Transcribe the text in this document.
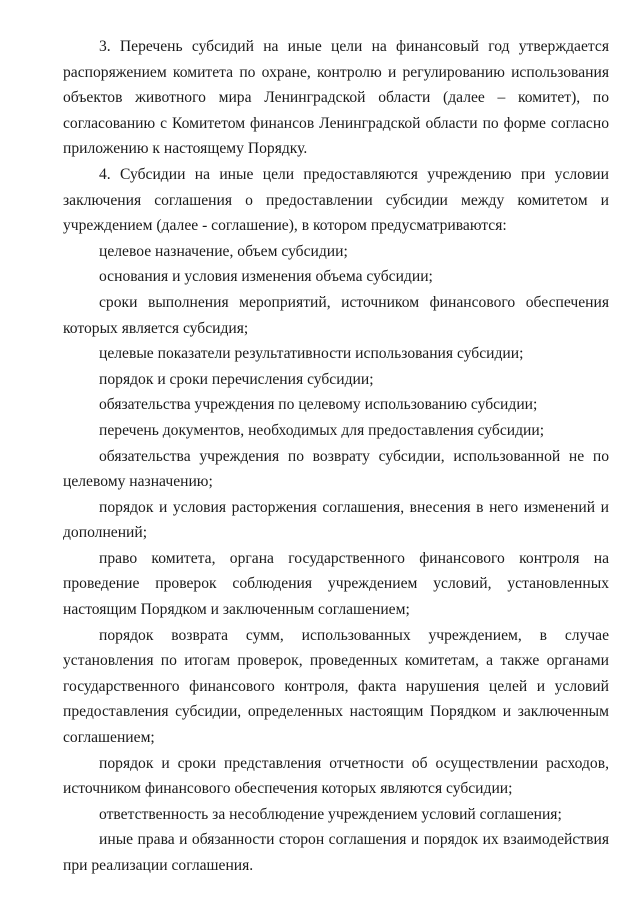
3. Перечень субсидий на иные цели на финансовый год утверждается распоряжением комитета по охране, контролю и регулированию использования объектов животного мира Ленинградской области (далее – комитет), по согласованию с Комитетом финансов Ленинградской области по форме согласно приложению к настоящему Порядку.

4. Субсидии на иные цели предоставляются учреждению при условии заключения соглашения о предоставлении субсидии между комитетом и учреждением (далее - соглашение), в котором предусматриваются:

целевое назначение, объем субсидии;

основания и условия изменения объема субсидии;

сроки выполнения мероприятий, источником финансового обеспечения которых является субсидия;

целевые показатели результативности использования субсидии;

порядок и сроки перечисления субсидии;

обязательства учреждения по целевому использованию субсидии;

перечень документов, необходимых для предоставления субсидии;

обязательства учреждения по возврату субсидии, использованной не по целевому назначению;

порядок и условия расторжения соглашения, внесения в него изменений и дополнений;

право комитета, органа государственного финансового контроля на проведение проверок соблюдения учреждением условий, установленных настоящим Порядком и заключенным соглашением;

порядок возврата сумм, использованных учреждением, в случае установления по итогам проверок, проведенных комитетам, а также органами государственного финансового контроля, факта нарушения целей и условий предоставления субсидии, определенных настоящим Порядком и заключенным соглашением;

порядок и сроки представления отчетности об осуществлении расходов, источником финансового обеспечения которых являются субсидии;

ответственность за несоблюдение учреждением условий соглашения;

иные права и обязанности сторон соглашения и порядок их взаимодействия при реализации соглашения.
